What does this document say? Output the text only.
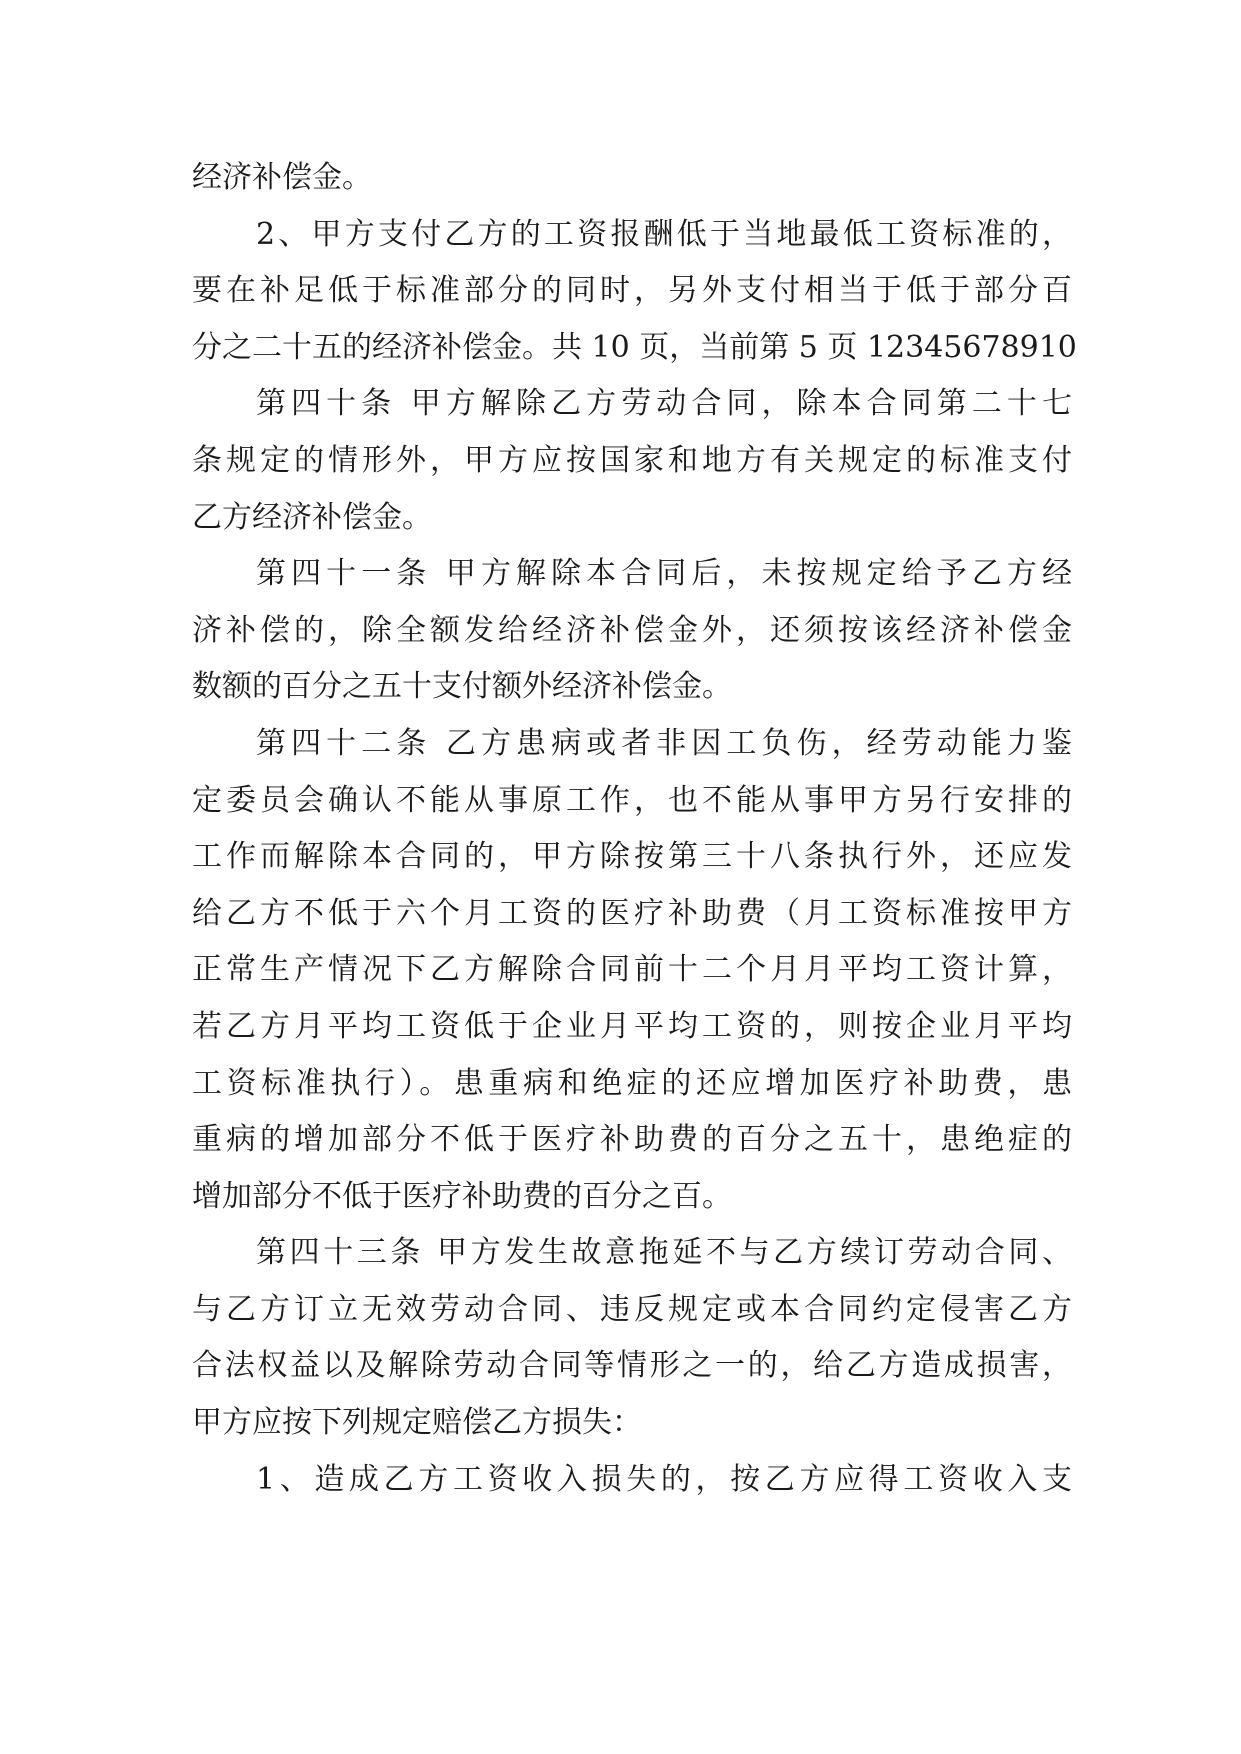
经济补偿金。
2、甲方支付乙方的工资报酬低于当地最低工资标准的，
要在补足低于标准部分的同时，另外支付相当于低于部分百
分之二十五的经济补偿金。共 10 页，当前第 5 页 12345678910
第四十条 甲方解除乙方劳动合同，除本合同第二十七
条规定的情形外，甲方应按国家和地方有关规定的标准支付
乙方经济补偿金。
第四十一条 甲方解除本合同后，未按规定给予乙方经
济补偿的，除全额发给经济补偿金外，还须按该经济补偿金
数额的百分之五十支付额外经济补偿金。
第四十二条 乙方患病或者非因工负伤，经劳动能力鉴
定委员会确认不能从事原工作，也不能从事甲方另行安排的
工作而解除本合同的，甲方除按第三十八条执行外，还应发
给乙方不低于六个月工资的医疗补助费（月工资标准按甲方
正常生产情况下乙方解除合同前十二个月月平均工资计算，
若乙方月平均工资低于企业月平均工资的，则按企业月平均
工资标准执行）。患重病和绝症的还应增加医疗补助费，患
重病的增加部分不低于医疗补助费的百分之五十，患绝症的
增加部分不低于医疗补助费的百分之百。
第四十三条 甲方发生故意拖延不与乙方续订劳动合同、
与乙方订立无效劳动合同、违反规定或本合同约定侵害乙方
合法权益以及解除劳动合同等情形之一的，给乙方造成损害，
甲方应按下列规定赔偿乙方损失：
1、造成乙方工资收入损失的，按乙方应得工资收入支
